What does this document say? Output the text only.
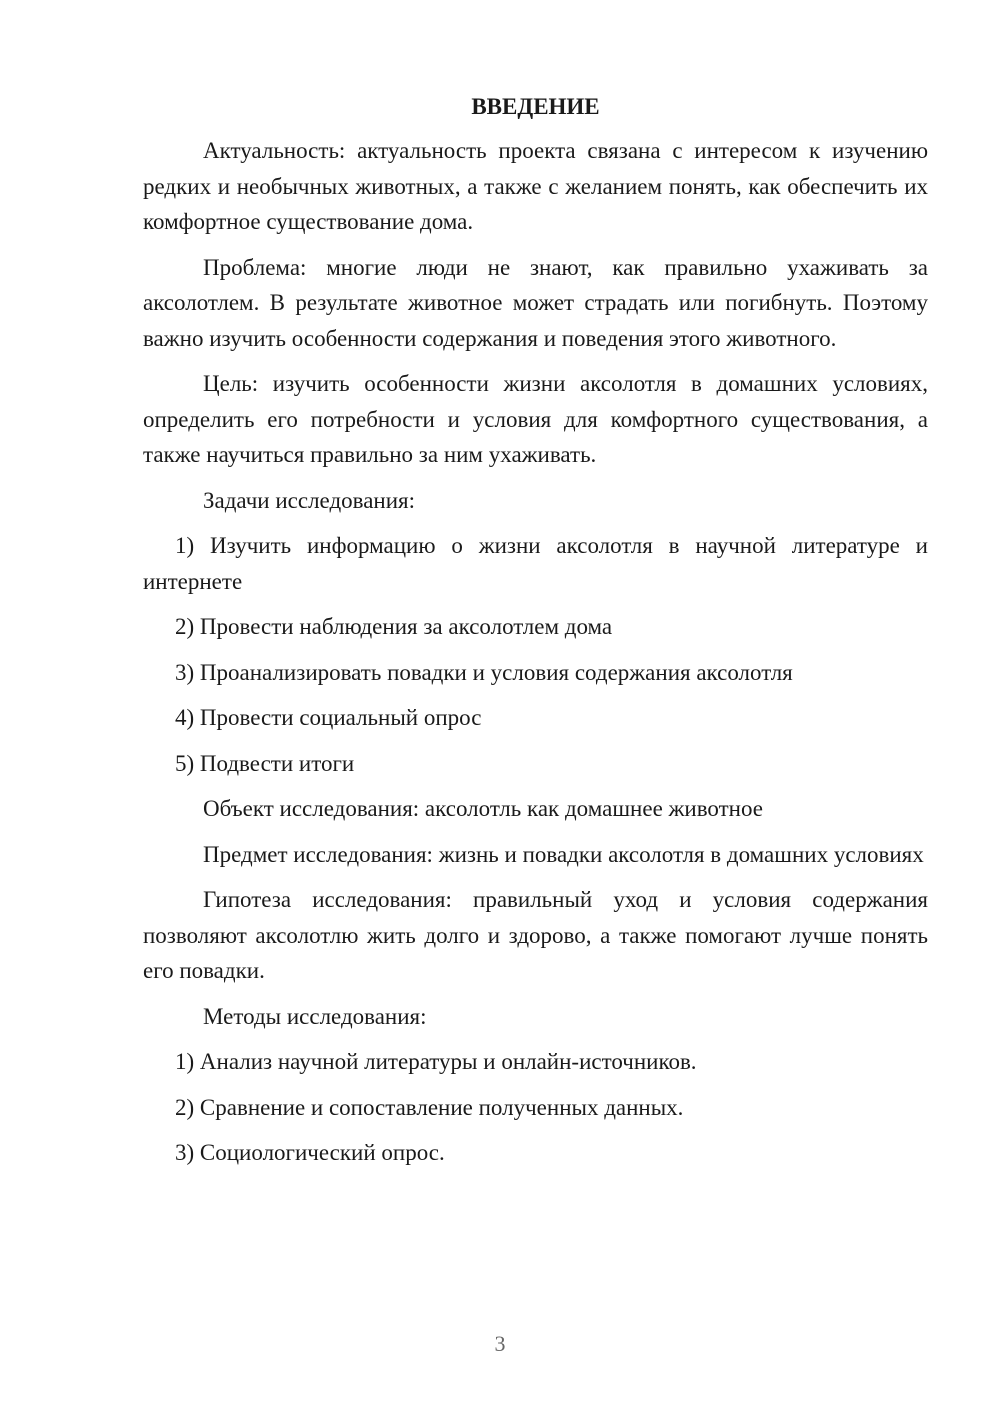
ВВЕДЕНИЕ

Актуальность: актуальность проекта связана с интересом к изучению редких и необычных животных, а также с желанием понять, как обеспечить их комфортное существование дома.

Проблема: многие люди не знают, как правильно ухаживать за аксолотлем. В результате животное может страдать или погибнуть. Поэтому важно изучить особенности содержания и поведения этого животного.

Цель: изучить особенности жизни аксолотля в домашних условиях, определить его потребности и условия для комфортного существования, а также научиться правильно за ним ухаживать.

Задачи исследования:

1) Изучить информацию о жизни аксолотля в научной литературе и интернете

2) Провести наблюдения за аксолотлем дома

3) Проанализировать повадки и условия содержания аксолотля

4) Провести социальный опрос

5) Подвести итоги

Объект исследования: аксолотль как домашнее животное

Предмет исследования: жизнь и повадки аксолотля в домашних условиях

Гипотеза исследования: правильный уход и условия содержания позволяют аксолотлю жить долго и здорово, а также помогают лучше понять его повадки.

Методы исследования:

1) Анализ научной литературы и онлайн-источников.

2) Сравнение и сопоставление полученных данных.

3) Социологический опрос.

3
